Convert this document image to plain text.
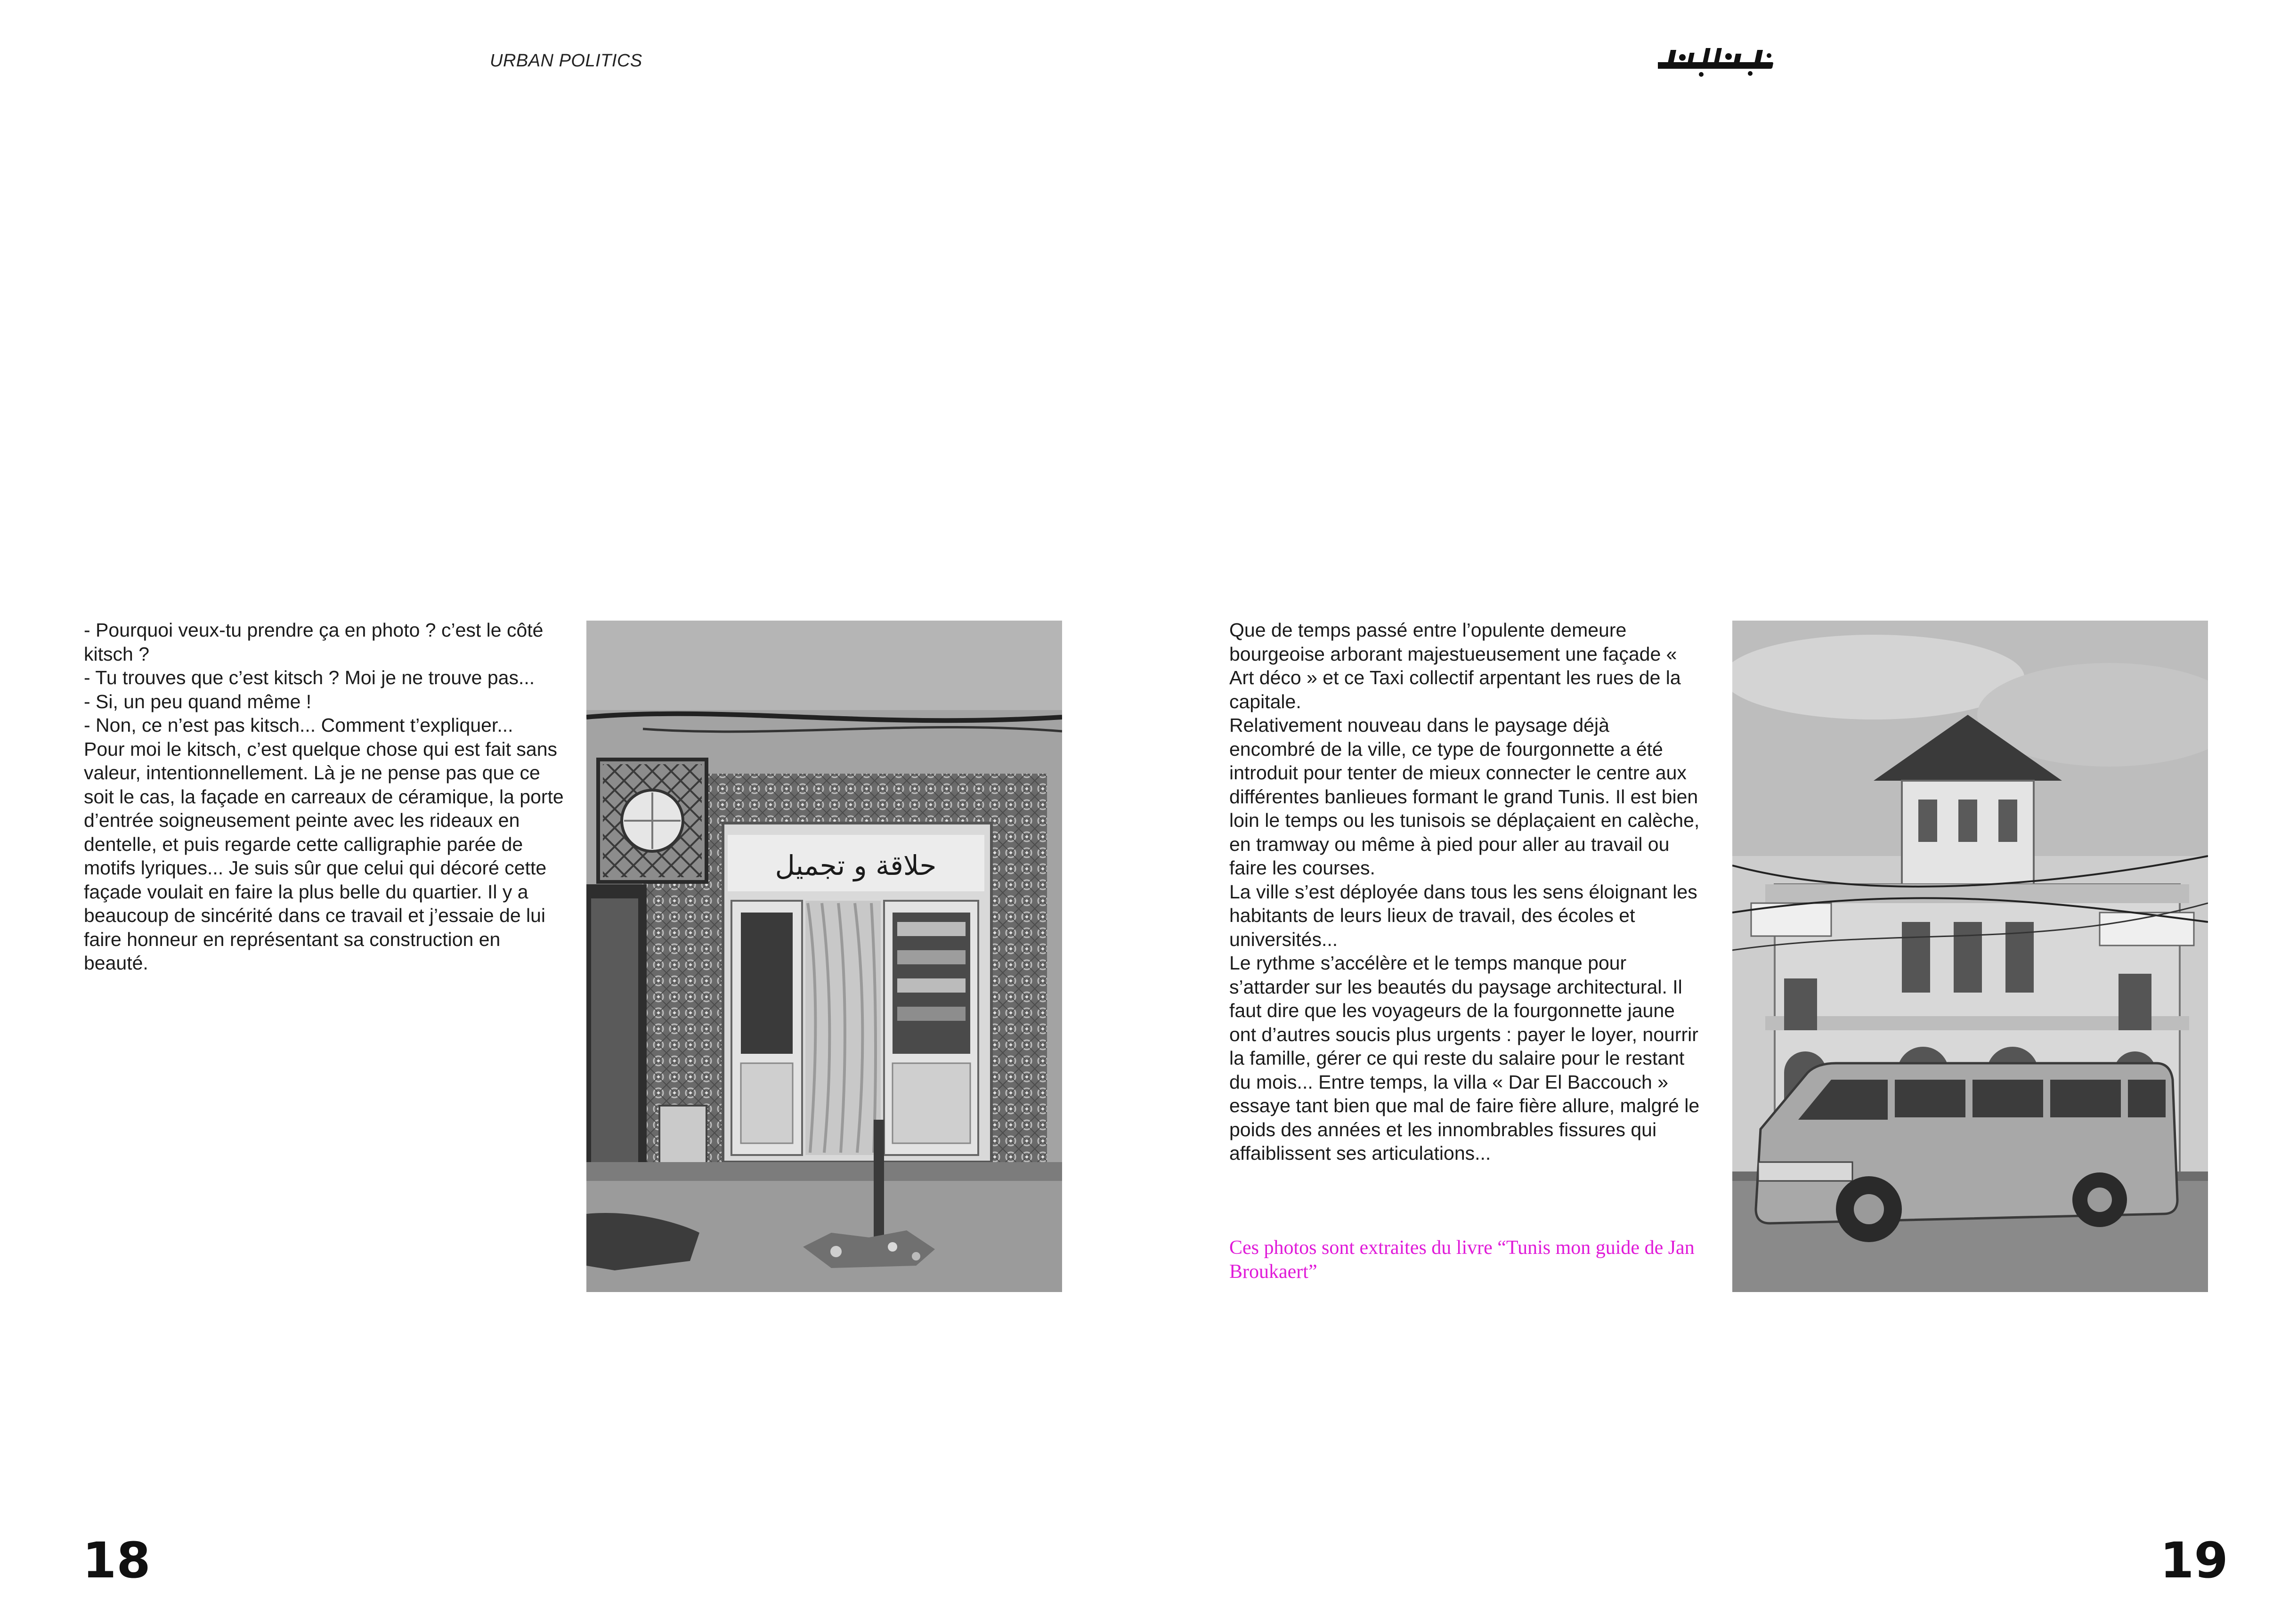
URBAN POLITICS
- Pourquoi veux-tu prendre ça en photo ? c’est le côté kitsch ?
- Tu trouves que c’est kitsch ? Moi je ne trouve pas...
- Si, un peu quand même !
- Non, ce n’est pas kitsch... Comment t’expliquer...
Pour moi le kitsch, c’est quelque chose qui est fait sans valeur, intentionnellement. Là je ne pense pas que ce soit le cas, la façade en carreaux de céramique, la porte d’entrée soigneusement peinte avec les rideaux en dentelle, et puis regarde cette calligraphie parée de motifs lyriques... Je suis sûr que celui qui décoré cette façade voulait en faire la plus belle du quartier. Il y a beaucoup de sincérité dans ce travail et j’essaie de lui faire honneur en représentant sa construction en beauté.
حلاقة و تجميل
18
Que de temps passé entre l’opulente demeure bourgeoise arborant majestueusement une façade « Art déco » et ce Taxi collectif arpentant les rues de la capitale.
Relativement nouveau dans le paysage déjà encombré de la ville, ce type de fourgonnette a été introduit pour tenter de mieux connecter le centre aux différentes banlieues formant le grand Tunis. Il est bien loin le temps ou les tunisois se déplaçaient en calèche, en tramway ou même à pied pour aller au travail ou faire les courses.
La ville s’est déployée dans tous les sens éloignant les habitants de leurs lieux de travail, des écoles et universités...
Le rythme s’accélère et le temps manque pour s’attarder sur les beautés du paysage architectural. Il faut dire que les voyageurs de la fourgonnette jaune ont d’autres soucis plus urgents : payer le loyer, nourrir la famille, gérer ce qui reste du salaire pour le restant du mois... Entre temps, la villa « Dar El Baccouch » essaye tant bien que mal de faire fière allure, malgré le poids des années et les innombrables fissures qui affaiblissent ses articulations...
Ces photos sont extraites du livre “Tunis mon guide de Jan Broukaert”
19
